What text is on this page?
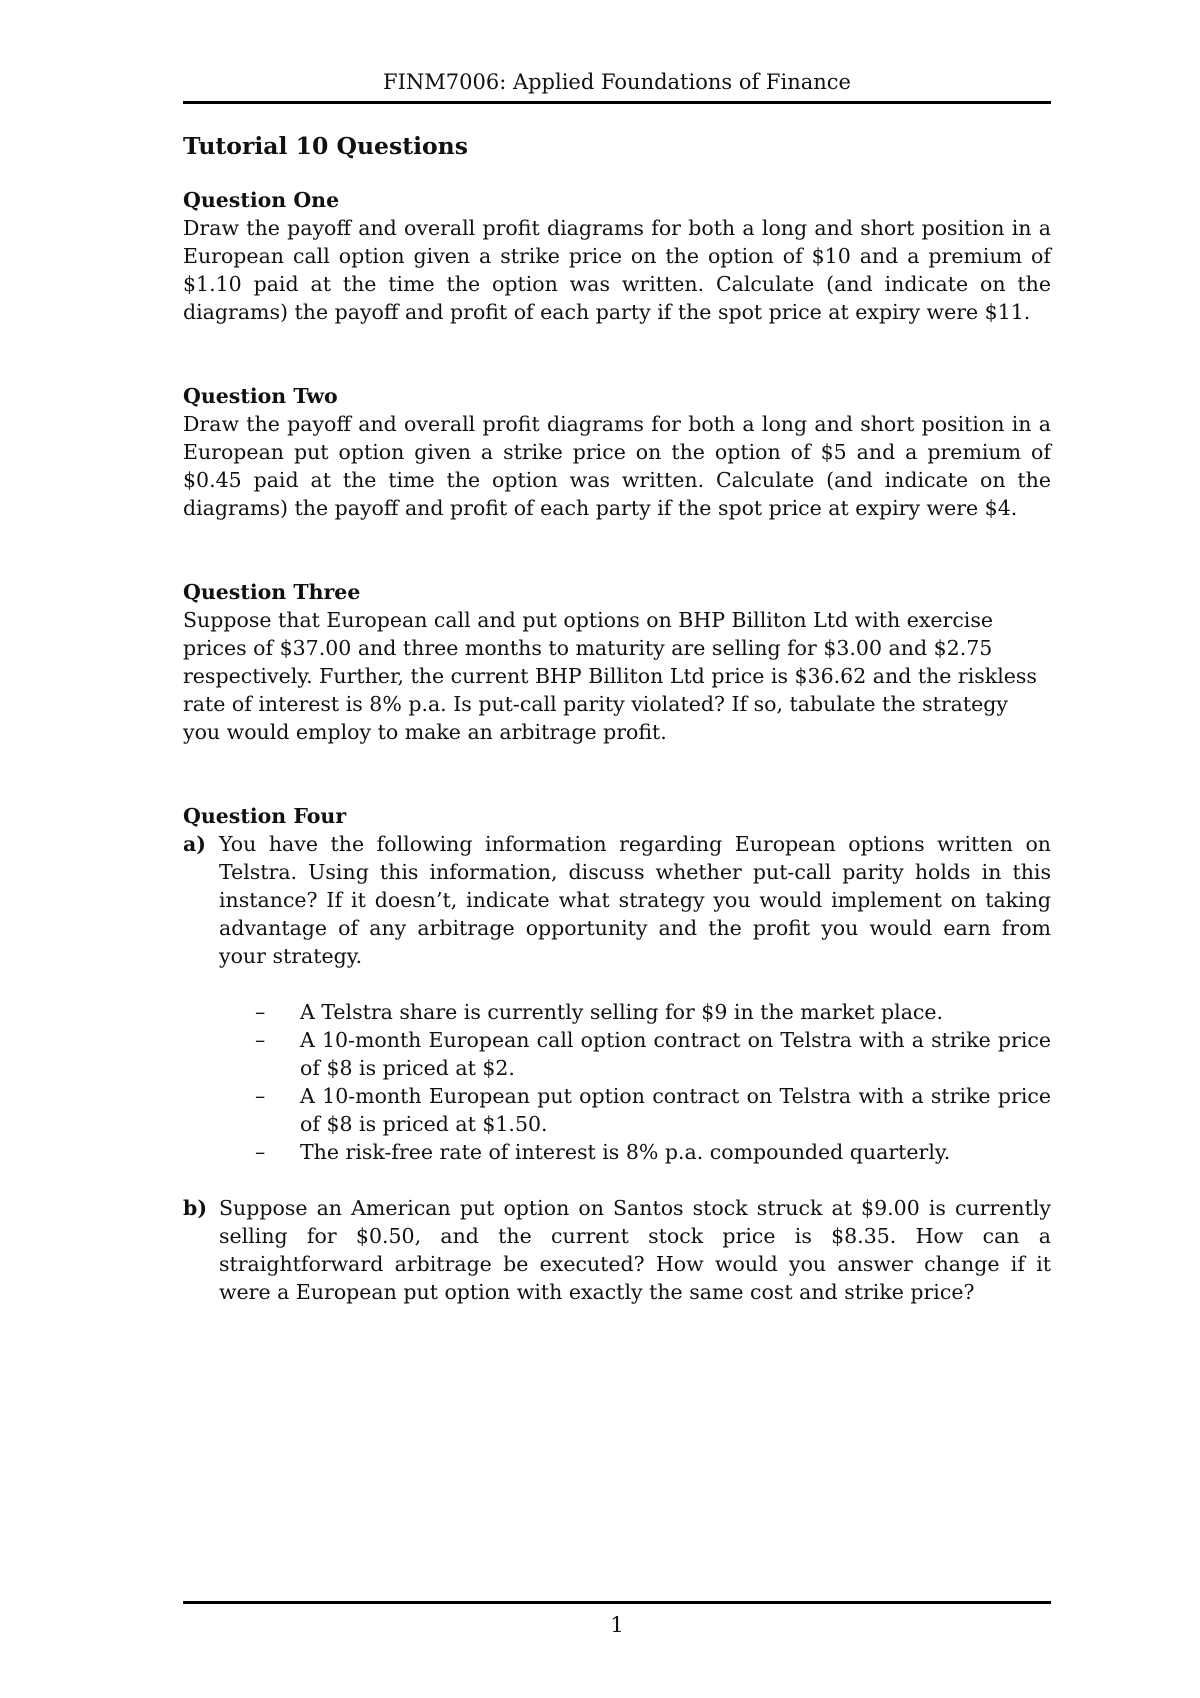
FINM7006: Applied Foundations of Finance
Tutorial 10 Questions

Question One

Draw the payoff and overall profit diagrams for both a long and short position in a European call option given a strike price on the option of $10 and a premium of $1.10 paid at the time the option was written. Calculate (and indicate on the diagrams) the payoff and profit of each party if the spot price at expiry were $11.

Question Two

Draw the payoff and overall profit diagrams for both a long and short position in a European put option given a strike price on the option of $5 and a premium of $0.45 paid at the time the option was written. Calculate (and indicate on the diagrams) the payoff and profit of each party if the spot price at expiry were $4.

Question Three

Suppose that European call and put options on BHP Billiton Ltd with exercise prices of $37.00 and three months to maturity are selling for $3.00 and $2.75 respectively. Further, the current BHP Billiton Ltd price is $36.62 and the riskless rate of interest is 8% p.a. Is put-call parity violated? If so, tabulate the strategy you would employ to make an arbitrage profit.

Question Four

a) You have the following information regarding European options written on Telstra. Using this information, discuss whether put-call parity holds in this instance? If it doesn’t, indicate what strategy you would implement on taking advantage of any arbitrage opportunity and the profit you would earn from your strategy.
–	A Telstra share is currently selling for $9 in the market place.
–	A 10-month European call option contract on Telstra with a strike price of $8 is priced at $2.
–	A 10-month European put option contract on Telstra with a strike price of $8 is priced at $1.50.
–	The risk-free rate of interest is 8% p.a. compounded quarterly.
b) Suppose an American put option on Santos stock struck at $9.00 is currently selling for $0.50, and the current stock price is $8.35. How can a straightforward arbitrage be executed? How would you answer change if it were a European put option with exactly the same cost and strike price?
1
